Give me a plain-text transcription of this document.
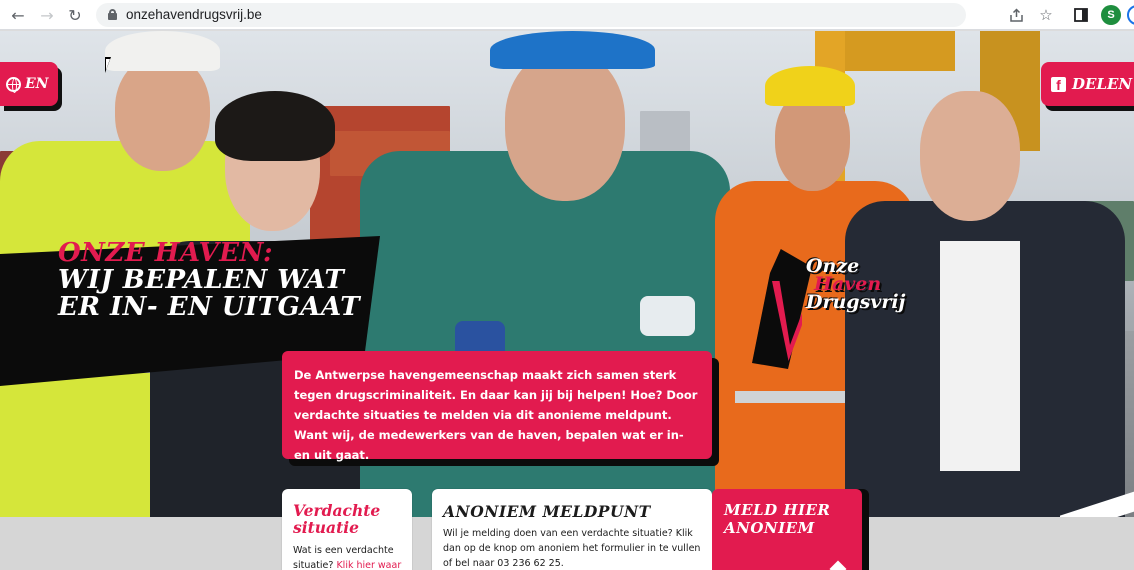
← → ↻	onzehavendrugsvrij.be	☆	S
ONZE HAVEN:
WIJ BEPALEN WAT
ER IN- EN UITGAAT
Onze
Haven
Drugsvrij
De Antwerpse havengemeenschap maakt zich samen sterk tegen drugscriminaliteit. En daar kan jij bij helpen! Hoe? Door verdachte situaties te melden via dit anonieme meldpunt. Want wij, de medewerkers van de haven, bepalen wat er in- en uit gaat.
EN	f DELEN
Verdachte
situatie
Wat is een verdachte situatie? Klik hier waar
ANONIEM MELDPUNT
Wil je melding doen van een verdachte situatie? Klik dan op de knop om anoniem het formulier in te vullen of bel naar 03 236 62 25.
MELD HIER
ANONIEM
